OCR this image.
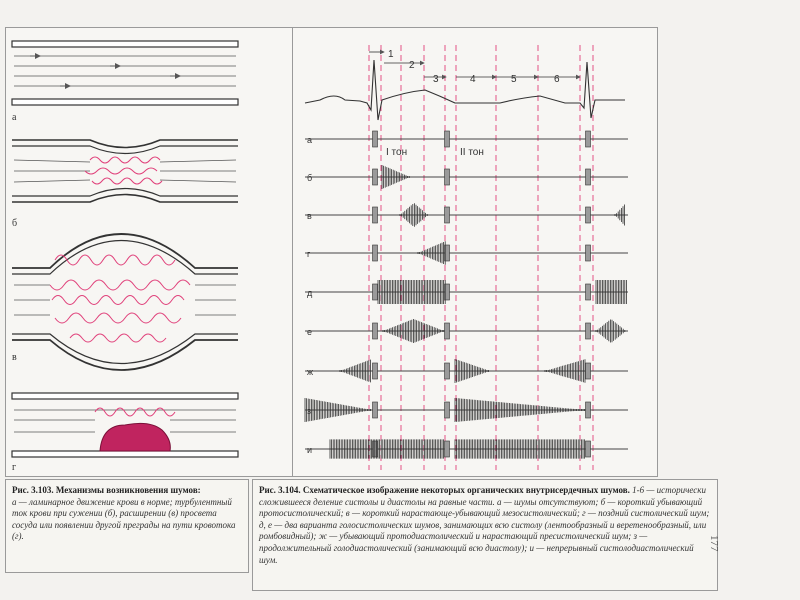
а
б
в
г
1
2
3	4	5	6
I тон	II тон
а
б
в
г
д
е
ж
з
и
Рис. 3.103. Механизмы возникновения шумов:
а — ламинарное движение крови в норме; турбулентный ток крови при сужении (б), расширении (в) просвета сосуда или появлении другой преграды на пути кровотока (г).
Рис. 3.104. Схематическое изображение некоторых органических внутрисердечных шумов. 1-6 — исторически сложившееся деление систолы и диастолы на равные части. а — шумы отсутствуют; б — короткий убывающий протосистолический; в — короткий нарастающе-убывающий мезосистолический; г — поздний систолический шум; д, е — два варианта голосистолических шумов, занимающих всю систолу (лентообразный и веретенообразный, или ромбовидный); ж — убывающий протодиастолический и нарастающий пресистолический шум; з — продолжительный голодиастолический (занимающий всю диастолу); и — непрерывный систолодиастолический шум.
177
